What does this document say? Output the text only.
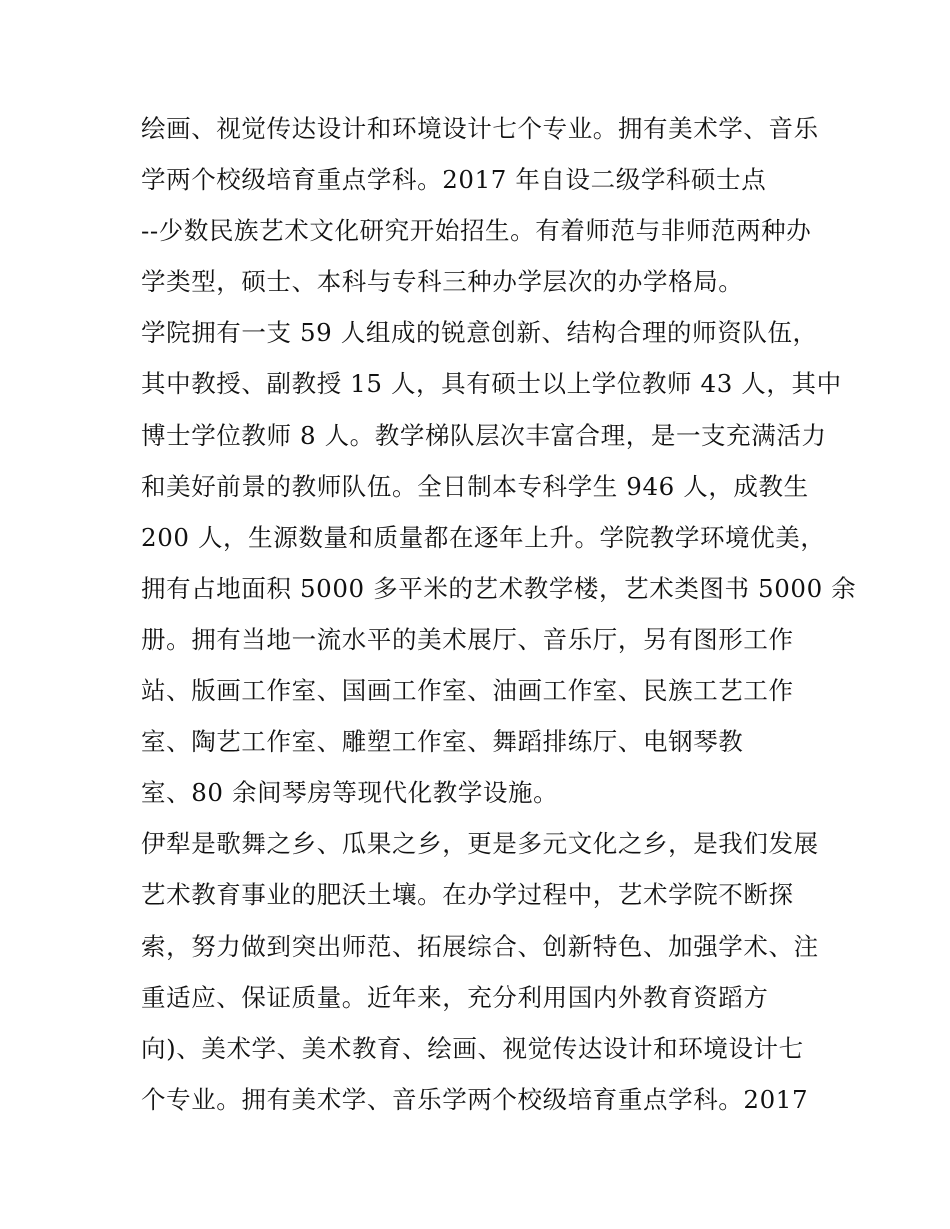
绘画、视觉传达设计和环境设计七个专业。拥有美术学、音乐

学两个校级培育重点学科。2017 年自设二级学科硕士点

--少数民族艺术文化研究开始招生。有着师范与非师范两种办

学类型，硕士、本科与专科三种办学层次的办学格局。

学院拥有一支 59 人组成的锐意创新、结构合理的师资队伍，

其中教授、副教授 15 人，具有硕士以上学位教师 43 人，其中

博士学位教师 8 人。教学梯队层次丰富合理，是一支充满活力

和美好前景的教师队伍。全日制本专科学生 946 人，成教生

200 人，生源数量和质量都在逐年上升。学院教学环境优美，

拥有占地面积 5000 多平米的艺术教学楼，艺术类图书 5000 余

册。拥有当地一流水平的美术展厅、音乐厅，另有图形工作

站、版画工作室、国画工作室、油画工作室、民族工艺工作

室、陶艺工作室、雕塑工作室、舞蹈排练厅、电钢琴教

室、80 余间琴房等现代化教学设施。

伊犁是歌舞之乡、瓜果之乡，更是多元文化之乡，是我们发展

艺术教育事业的肥沃土壤。在办学过程中，艺术学院不断探

索，努力做到突出师范、拓展综合、创新特色、加强学术、注

重适应、保证质量。近年来，充分利用国内外教育资蹈方

向)、美术学、美术教育、绘画、视觉传达设计和环境设计七

个专业。拥有美术学、音乐学两个校级培育重点学科。2017
